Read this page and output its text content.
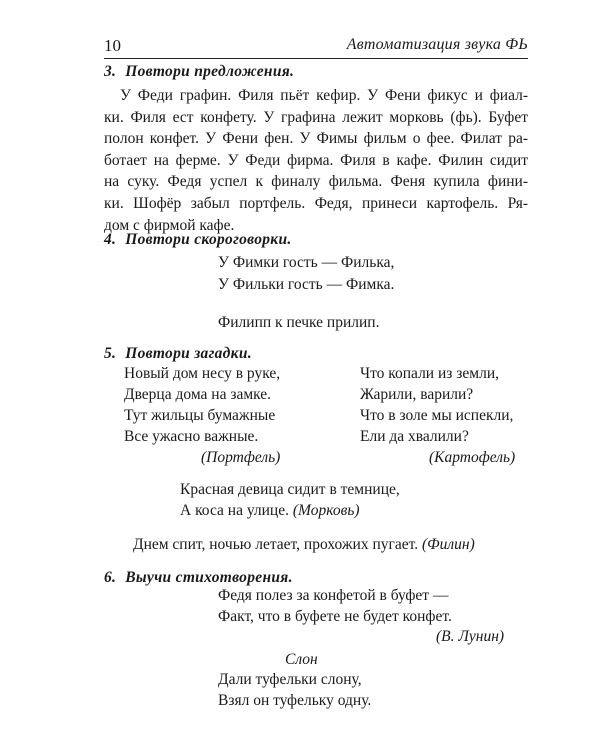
10	Автоматизация звука ФЬ
3. Повтори предложения.
У Феди графин. Филя пьёт кефир. У Фени фикус и фиал-
ки. Филя ест конфету. У графина лежит морковь (фь). Буфет
полон конфет. У Фени фен. У Фимы фильм о фее. Филат ра-
ботает на ферме. У Феди фирма. Филя в кафе. Филин сидит
на суку. Федя успел к финалу фильма. Феня купила фини-
ки. Шофёр забыл портфель. Федя, принеси картофель. Ря-
дом с фирмой кафе.
4. Повтори скороговорки.
У Фимки гость — Филька,
У Фильки гость — Фимка.
Филипп к печке прилип.
5. Повтори загадки.
Новый дом несу в руке,
Дверца дома на замке.
Тут жильцы бумажные
Все ужасно важные.
(Портфель)
Что копали из земли,
Жарили, варили?
Что в золе мы испекли,
Ели да хвалили?
(Картофель)
Красная девица сидит в темнице,
А коса на улице. (Морковь)
Днем спит, ночью летает, прохожих пугает. (Филин)
6. Выучи стихотворения.
Федя полез за конфетой в буфет —
Факт, что в буфете не будет конфет.
(В. Лунин)
Слон
Дали туфельки слону,
Взял он туфельку одну.
